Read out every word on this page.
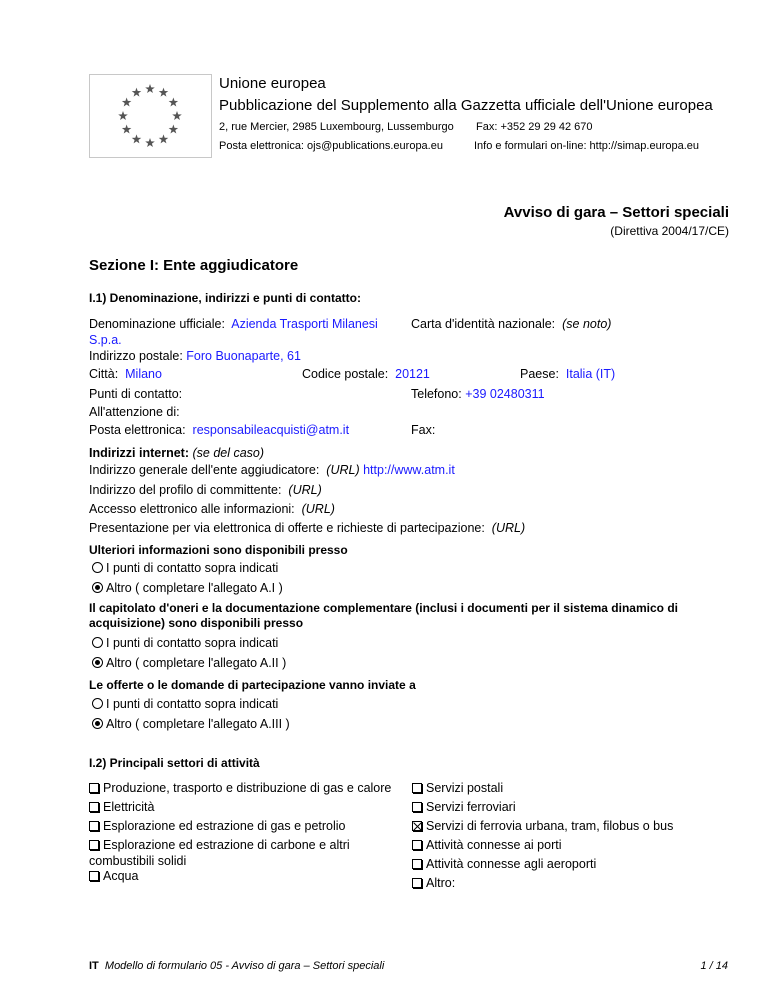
Unione europea
Pubblicazione del Supplemento alla Gazzetta ufficiale dell'Unione europea
2, rue Mercier, 2985 Luxembourg, Lussemburgo Fax: +352 29 29 42 670
Posta elettronica: ojs@publications.europa.eu	Info e formulari on-line: http://simap.europa.eu
Avviso di gara – Settori speciali
(Direttiva 2004/17/CE)
Sezione I: Ente aggiudicatore
I.1) Denominazione, indirizzi e punti di contatto:
Denominazione ufficiale: Azienda Trasporti Milanesi S.p.a.
Carta d'identità nazionale: (se noto)
Indirizzo postale: Foro Buonaparte, 61
Città: Milano	Codice postale: 20121	Paese: Italia (IT)
Punti di contatto:	Telefono: +39 02480311
All'attenzione di:
Posta elettronica: responsabileacquisti@atm.it	Fax:
Indirizzi internet: (se del caso)
Indirizzo generale dell'ente aggiudicatore: (URL) http://www.atm.it
Indirizzo del profilo di committente: (URL)
Accesso elettronico alle informazioni: (URL)
Presentazione per via elettronica di offerte e richieste di partecipazione: (URL)
Ulteriori informazioni sono disponibili presso
I punti di contatto sopra indicati
Altro ( completare l'allegato A.I )
Il capitolato d'oneri e la documentazione complementare (inclusi i documenti per il sistema dinamico di acquisizione) sono disponibili presso
I punti di contatto sopra indicati
Altro ( completare l'allegato A.II )
Le offerte o le domande di partecipazione vanno inviate a
I punti di contatto sopra indicati
Altro ( completare l'allegato A.III )
I.2) Principali settori di attività
Produzione, trasporto e distribuzione di gas e calore
Elettricità
Esplorazione ed estrazione di gas e petrolio
Esplorazione ed estrazione di carbone e altri combustibili solidi
Acqua
Servizi postali
Servizi ferroviari
Servizi di ferrovia urbana, tram, filobus o bus
Attività connesse ai porti
Attività connesse agli aeroporti
Altro:
IT Modello di formulario 05 - Avviso di gara – Settori speciali	1 / 14
